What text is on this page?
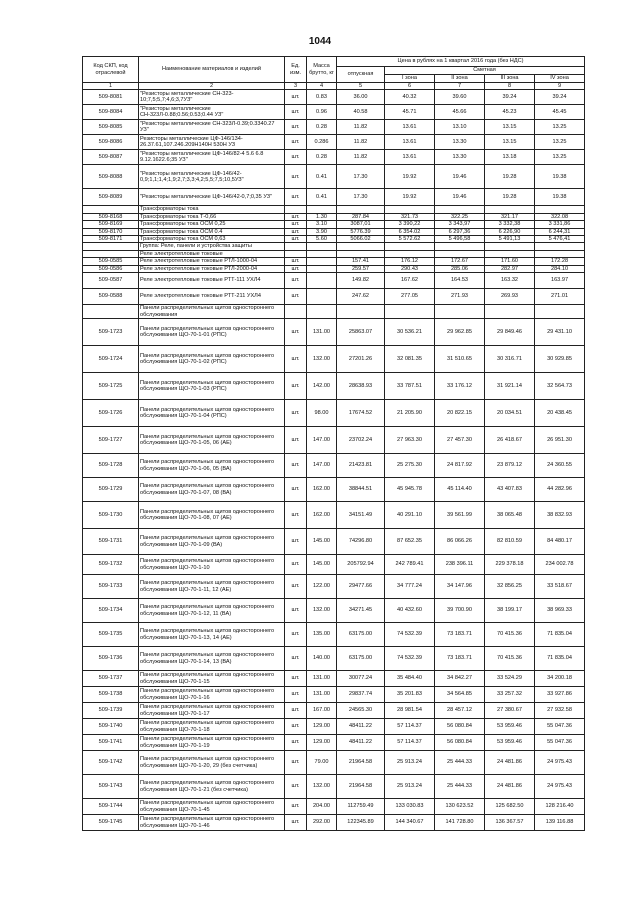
1044
Код СКП, код отраслевой	Наименование материалов и изделий	Ед. изм.	Масса брутто, кг	Цена в рублях на 1 квартал 2016 года (без НДС)				
				отпускная	Сметная			
					I зона	II зона	III зона	IV зона
1	2	3	4	5	6	7	8	9
509-8081	"Резисторы металлические СН-323-10;7,5;5,7;4,6;3,7УЗ"	шт.	0.83	36.00	40.32	39.60	39.24	39.24
509-8084	"Резисторы металлические СН-323Л-0.88;0.56;0.53;0.44 УЗ"	шт.	0.96	40.58	45.71	45.66	45.23	45.45
509-8085	"Резисторы металлические СН-323Л-0.39;0.3340.27 УЗ"	шт.	0.28	11.82	13.61	13.10	13.15	13.25
509-8086	Резисторы металлические ЦФ-146/134-26.37.61,107.246.209Н140Н 530Н УЗ	шт.	0.286	11.82	13.61	13.30	13.15	13.25
509-8087	"Резисторы металлические ЦФ-146/82-4 5.6 6.8 9.12.1622.6;35 УЗ"	шт.	0.28	11.82	13.61	13.30	13.18	13.25
509-8088	"Резисторы металлические ЦФ-146/42-0,9;1,1;1,4;1,9;2,7;3,3;4,2;5,5;7,5;10,5УЗ"	шт.	0.41	17.30	19.92	19.46	19.28	19.38
509-8089	"Резисторы металлические ЦФ-146/42-0,7;0,35 УЗ"	шт.	0.41	17.30	19.92	19.46	19.28	19.38
	Трансформаторы тока							
509-8168	Трансформаторы тока Т-0,66	шт.	1.30	287.84	321.73	322.25	321.17	322.08
509-8169	Трансформаторы тока ОСМ 0,25	шт.	3.10	3087,01	3 390,22	3 343,97	3 332,38	3 331,86
509-8170	Трансформаторы тока ОСМ 0.4	шт.	3.90	5776.39	6 354.02	6 297,36	6 226,90	6 244,31
509-8171	Трансформаторы тока ОСМ 0,63	шт.	5.60	5066.02	5 572.62	5 496,58	5 491,13	5 476,41
	Группа: Реле, панели и устройства защиты							
	Реле электротепловые токовые							
509-0585	Реле электротепловые токовые РТЛ-1000-04	шт.		157.41	176.12	172.67	171.60	172.28
509-0586	Реле электротепловые токовые РТЛ-2000-04	шт.		259.57	290.43	285.06	282.97	284.10
509-0587	Реле электротепловые токовые РТТ-111 УХЛ4	шт.		149.82	167.62	164.53	163.32	163.97
509-0588	Реле электротепловые токовые РТТ-211 УХЛ4	шт.		247.62	277.05	271.93	269.93	271.01
	Панели распределительных щитов одностороннего обслуживания							
509-1723	Панели распределительных щитов одностороннего обслуживания ЩО-70-1-01 (РПС)	шт.	131.00	25863.07	30 536.21	29 962.85	29 849.46	29 431.10
509-1724	Панели распределительных щитов одностороннего обслуживания ЩО-70-1-02 (РПС)	шт.	132.00	27201.26	32 081.35	31 510.65	30 316.71	30 929.85
509-1725	Панели распределительных щитов одностороннего обслуживания ЩО-70-1-03 (РПС)	шт.	142.00	28638.93	33 787.51	33 176.12	31 921.14	32 564.73
509-1726	Панели распределительных щитов одностороннего обслуживания ЩО-70-1-04 (РПС)	шт.	98.00	17674.52	21 205.90	20 822.15	20 034.51	20 438.45
509-1727	Панели распределительных щитов одностороннего обслуживания ЩО-70-1-05, 06 (АЕ)	шт.	147.00	23702.24	27 963.30	27 457.30	26 418.67	26 951.30
509-1728	Панели распределительных щитов одностороннего обслуживания ЩО-70-1-06, 05 (ВА)	шт.	147.00	21423.81	25 275.30	24 817.92	23 879.12	24 360.55
509-1729	Панели распределительных щитов одностороннего обслуживания ЩО-70-1-07, 08 (ВА)	шт.	162.00	38844.51	45 945.78	45 114.40	43 407.83	44 282.96
509-1730	Панели распределительных щитов одностороннего обслуживания ЩО-70-1-08, 07 (АЕ)	шт.	162.00	34151.49	40 291.10	39 561.99	38 065.48	38 832.93
509-1731	Панели распределительных щитов одностороннего обслуживания ЩО-70-1-09 (ВА)	шт.	145.00	74296.80	87 652.35	86 066.26	82 810.59	84 480.17
509-1732	Панели распределительных щитов одностороннего обслуживания ЩО-70-1-10	шт.	145.00	205792.94	242 789.41	238 396.11	229 378.18	234 002.78
509-1733	Панели распределительных щитов одностороннего обслуживания ЩО-70-1-11, 12 (АЕ)	шт.	122.00	29477.66	34 777.24	34 147.96	32 856.25	33 518.67
509-1734	Панели распределительных щитов одностороннего обслуживания ЩО-70-1-12, 11 (ВА)	шт.	132.00	34271.45	40 432.60	39 700.90	38 199.17	38 969.33
509-1735	Панели распределительных щитов одностороннего обслуживания ЩО-70-1-13, 14 (АЕ)	шт.	135.00	63175.00	74 532.39	73 183.71	70 415.36	71 835.04
509-1736	Панели распределительных щитов одностороннего обслуживания ЩО-70-1-14, 13 (ВА)	шт.	140.00	63175.00	74 532.39	73 183.71	70 415.36	71 835.04
509-1737	Панели распределительных щитов одностороннего обслуживания ЩО-70-1-15	шт.	131.00	30077.24	35 484.40	34 842.27	33 524.29	34 200.18
509-1738	Панели распределительных щитов одностороннего обслуживания ЩО-70-1-16	шт.	131.00	29837.74	35 201.83	34 564.85	33 257.32	33 927.86
509-1739	Панели распределительных щитов одностороннего обслуживания ЩО-70-1-17	шт.	167.00	24565.30	28 981.54	28 457.12	27 380.67	27 932.58
509-1740	Панели распределительных щитов одностороннего обслуживания ЩО-70-1-18	шт.	129.00	48411.22	57 114.37	56 080.84	53 959.46	55 047.36
509-1741	Панели распределительных щитов одностороннего обслуживания ЩО-70-1-19	шт.	129.00	48411.22	57 114.37	56 080.84	53 959.46	55 047.36
509-1742	Панели распределительных щитов одностороннего обслуживания ЩО-70-1-20, 29 (без счетчика)	шт.	79.00	21964.58	25 913.24	25 444.33	24 481.86	24 975.43
509-1743	Панели распределительных щитов одностороннего обслуживания ЩО-70-1-21 (без счетчика)	шт.	132.00	21964.58	25 913.24	25 444.33	24 481.86	24 975.43
509-1744	Панели распределительных щитов одностороннего обслуживания ЩО-70-1-45	шт.	204.00	112759.49	133 030.83	130 623.52	125 682.50	128 216.40
509-1745	Панели распределительных щитов одностороннего обслуживания ЩО-70-1-46	шт.	292.00	122345.89	144 340.67	141 728.80	136 367.57	139 116.88
